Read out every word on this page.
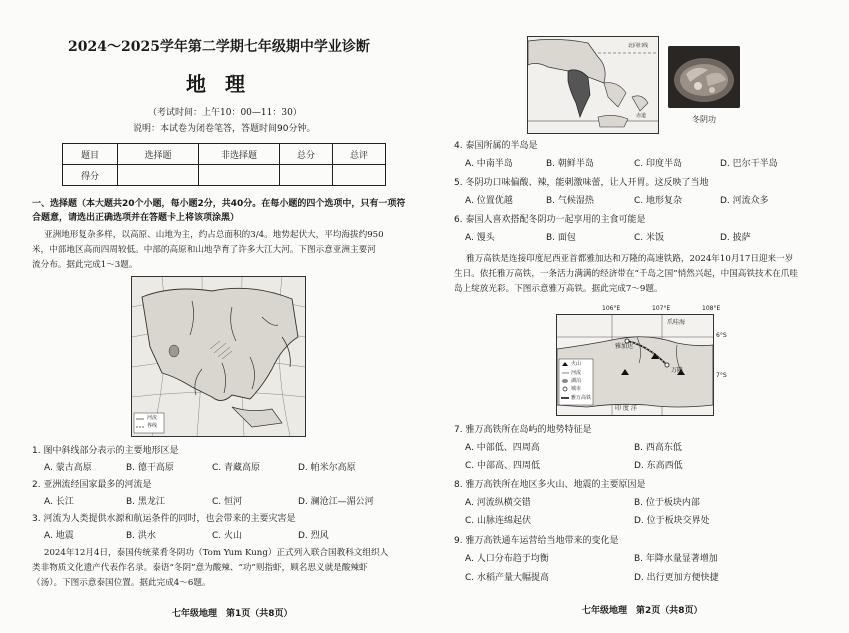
2024～2025学年第二学期七年级期中学业诊断
地 理
（考试时间：上午10：00—11：30）
说明：本试卷为闭卷笔答，答题时间90分钟。
题目	选择题	非选择题	总分	总评
得分				
一、选择题（本大题共20个小题，每小题2分，共40分。在每小题的四个选项中，只有一项符
合题意，请选出正确选项并在答题卡上将该项涂黑）
亚洲地形复杂多样，以高原、山地为主，约占总面积的3/4。地势起伏大，平均海拔约950
米，中部地区高而四周较低。中部的高原和山地孕育了许多大江大河。下图示意亚洲主要河
流分布。据此完成1～3题。
河流
界线
1. 图中斜线部分表示的主要地形区是
A. 蒙古高原	B. 德干高原	C. 青藏高原	D. 帕米尔高原
2. 亚洲流经国家最多的河流是
A. 长江	B. 黑龙江	C. 恒河	D. 澜沧江—湄公河
3. 河流为人类提供水源和航运条件的同时，也会带来的主要灾害是
A. 地震	B. 洪水	C. 火山	D. 烈风
2024年12月4日，泰国传统菜肴冬阴功（Tom Yum Kung）正式列入联合国教科文组织人
类非物质文化遗产代表作名录。泰语“冬阴”意为酸辣、“功”则指虾，顾名思义就是酸辣虾
（汤）。下图示意泰国位置。据此完成4～6题。
七年级地理　第1页（共8页）
北回归线
赤道	冬阴功
4. 泰国所属的半岛是
A. 中南半岛	B. 朝鲜半岛	C. 印度半岛	D. 巴尔干半岛
5. 冬阴功口味偏酸、辣，能刺激味蕾，让人开胃。这反映了当地
A. 位置优越	B. 气候湿热	C. 地形复杂	D. 河流众多
6. 泰国人喜欢搭配冬阴功一起享用的主食可能是
A. 馒头	B. 面包	C. 米饭	D. 披萨
雅万高铁是连接印度尼西亚首都雅加达和万隆的高速铁路，2024年10月17日迎来一岁
生日。依托雅万高铁，一条活力满满的经济带在“千岛之国”悄然兴起，中国高铁技术在爪哇
岛上绽放光彩。下图示意雅万高铁。据此完成7～9题。
106°E	107°E	108°E
爪哇海
雅加达
万隆
印 度 洋
火山
河流
湖泊
城市
雅万高铁
6°S
7°S
7. 雅万高铁所在岛屿的地势特征是
A. 中部低、四周高	B. 西高东低
C. 中部高、四周低	D. 东高西低
8. 雅万高铁所在地区多火山、地震的主要原因是
A. 河流纵横交错	B. 位于板块内部
C. 山脉连绵起伏	D. 位于板块交界处
9. 雅万高铁通车运营给当地带来的变化是
A. 人口分布趋于均衡	B. 年降水量显著增加
C. 水稻产量大幅提高	D. 出行更加方便快捷
七年级地理　第2页（共8页）
